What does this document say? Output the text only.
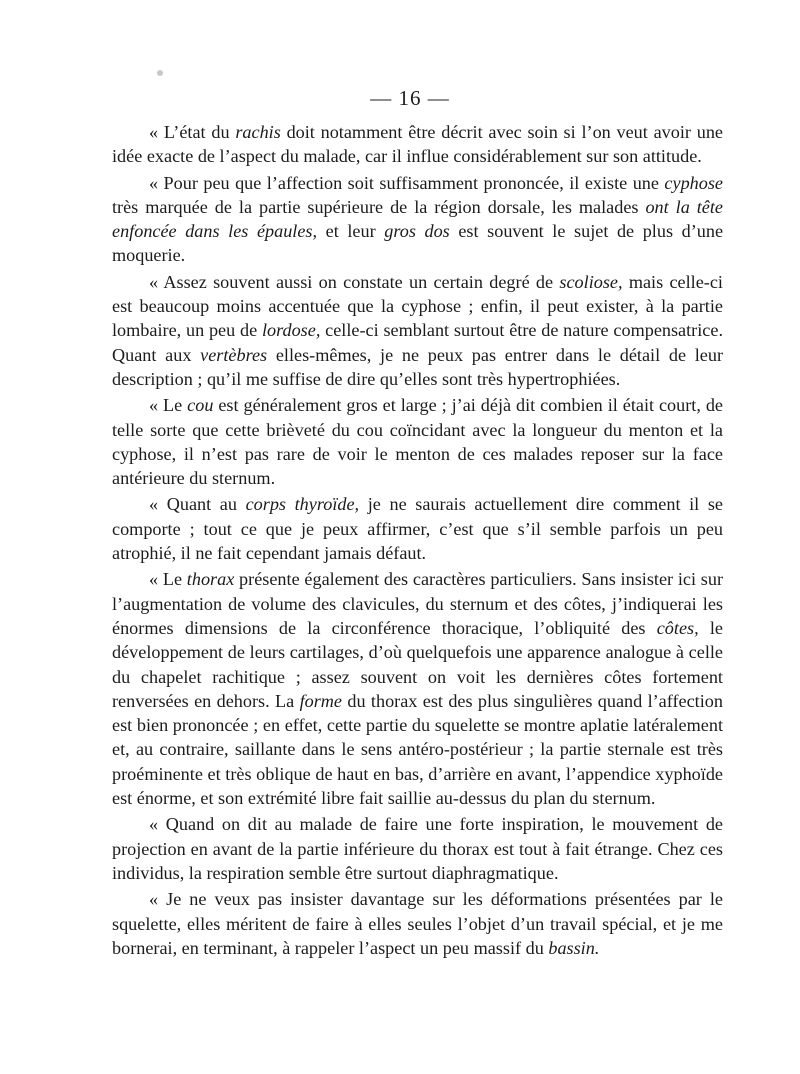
— 16 —

« L’état du rachis doit notamment être décrit avec soin si l’on veut avoir une idée exacte de l’aspect du malade, car il influe considérablement sur son attitude.

« Pour peu que l’affection soit suffisamment prononcée, il existe une cyphose très marquée de la partie supérieure de la région dorsale, les malades ont la tête enfoncée dans les épaules, et leur gros dos est souvent le sujet de plus d’une moquerie.

« Assez souvent aussi on constate un certain degré de scoliose, mais celle-ci est beaucoup moins accentuée que la cyphose ; enfin, il peut exister, à la partie lombaire, un peu de lordose, celle-ci semblant surtout être de nature compensatrice. Quant aux vertèbres elles-mêmes, je ne peux pas entrer dans le détail de leur description ; qu’il me suffise de dire qu’elles sont très hypertrophiées.

« Le cou est généralement gros et large ; j’ai déjà dit combien il était court, de telle sorte que cette brièveté du cou coïncidant avec la longueur du menton et la cyphose, il n’est pas rare de voir le menton de ces malades reposer sur la face antérieure du sternum.

« Quant au corps thyroïde, je ne saurais actuellement dire comment il se comporte ; tout ce que je peux affirmer, c’est que s’il semble parfois un peu atrophié, il ne fait cependant jamais défaut.

« Le thorax présente également des caractères particuliers. Sans insister ici sur l’augmentation de volume des clavicules, du sternum et des côtes, j’indiquerai les énormes dimensions de la circonférence thoracique, l’obliquité des côtes, le développement de leurs cartilages, d’où quelquefois une apparence analogue à celle du chapelet rachitique ; assez souvent on voit les dernières côtes fortement renversées en dehors. La forme du thorax est des plus singulières quand l’affection est bien prononcée ; en effet, cette partie du squelette se montre aplatie latéralement et, au contraire, saillante dans le sens antéro-postérieur ; la partie sternale est très proéminente et très oblique de haut en bas, d’arrière en avant, l’appendice xyphoïde est énorme, et son extrémité libre fait saillie au-dessus du plan du sternum.

« Quand on dit au malade de faire une forte inspiration, le mouvement de projection en avant de la partie inférieure du thorax est tout à fait étrange. Chez ces individus, la respiration semble être surtout diaphragmatique.

« Je ne veux pas insister davantage sur les déformations présentées par le squelette, elles méritent de faire à elles seules l’objet d’un travail spécial, et je me bornerai, en terminant, à rappeler l’aspect un peu massif du bassin.
